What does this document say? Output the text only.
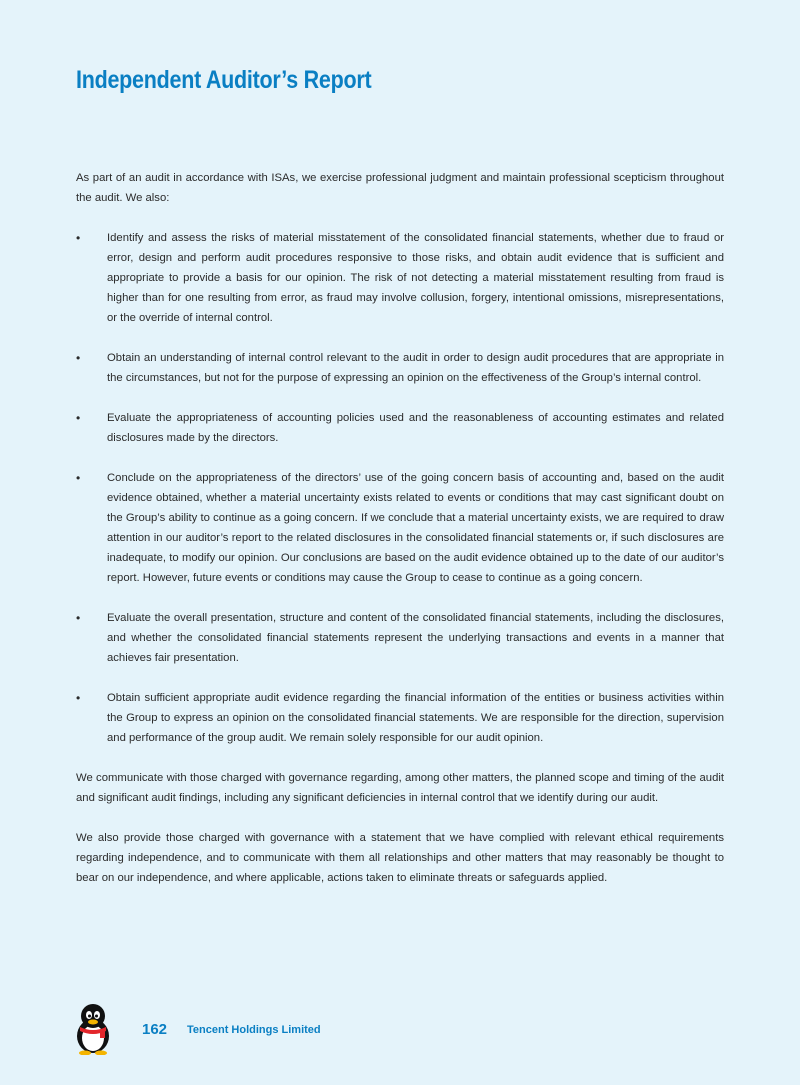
Independent Auditor’s Report

As part of an audit in accordance with ISAs, we exercise professional judgment and maintain professional scepticism throughout the audit. We also:

• Identify and assess the risks of material misstatement of the consolidated financial statements, whether due to fraud or error, design and perform audit procedures responsive to those risks, and obtain audit evidence that is sufficient and appropriate to provide a basis for our opinion. The risk of not detecting a material misstatement resulting from fraud is higher than for one resulting from error, as fraud may involve collusion, forgery, intentional omissions, misrepresentations, or the override of internal control.
• Obtain an understanding of internal control relevant to the audit in order to design audit procedures that are appropriate in the circumstances, but not for the purpose of expressing an opinion on the effectiveness of the Group’s internal control.
• Evaluate the appropriateness of accounting policies used and the reasonableness of accounting estimates and related disclosures made by the directors.
• Conclude on the appropriateness of the directors’ use of the going concern basis of accounting and, based on the audit evidence obtained, whether a material uncertainty exists related to events or conditions that may cast significant doubt on the Group’s ability to continue as a going concern. If we conclude that a material uncertainty exists, we are required to draw attention in our auditor’s report to the related disclosures in the consolidated financial statements or, if such disclosures are inadequate, to modify our opinion. Our conclusions are based on the audit evidence obtained up to the date of our auditor’s report. However, future events or conditions may cause the Group to cease to continue as a going concern.
• Evaluate the overall presentation, structure and content of the consolidated financial statements, including the disclosures, and whether the consolidated financial statements represent the underlying transactions and events in a manner that achieves fair presentation.
• Obtain sufficient appropriate audit evidence regarding the financial information of the entities or business activities within the Group to express an opinion on the consolidated financial statements. We are responsible for the direction, supervision and performance of the group audit. We remain solely responsible for our audit opinion.

We communicate with those charged with governance regarding, among other matters, the planned scope and timing of the audit and significant audit findings, including any significant deficiencies in internal control that we identify during our audit.

We also provide those charged with governance with a statement that we have complied with relevant ethical requirements regarding independence, and to communicate with them all relationships and other matters that may reasonably be thought to bear on our independence, and where applicable, actions taken to eliminate threats or safeguards applied.

162 Tencent Holdings Limited
